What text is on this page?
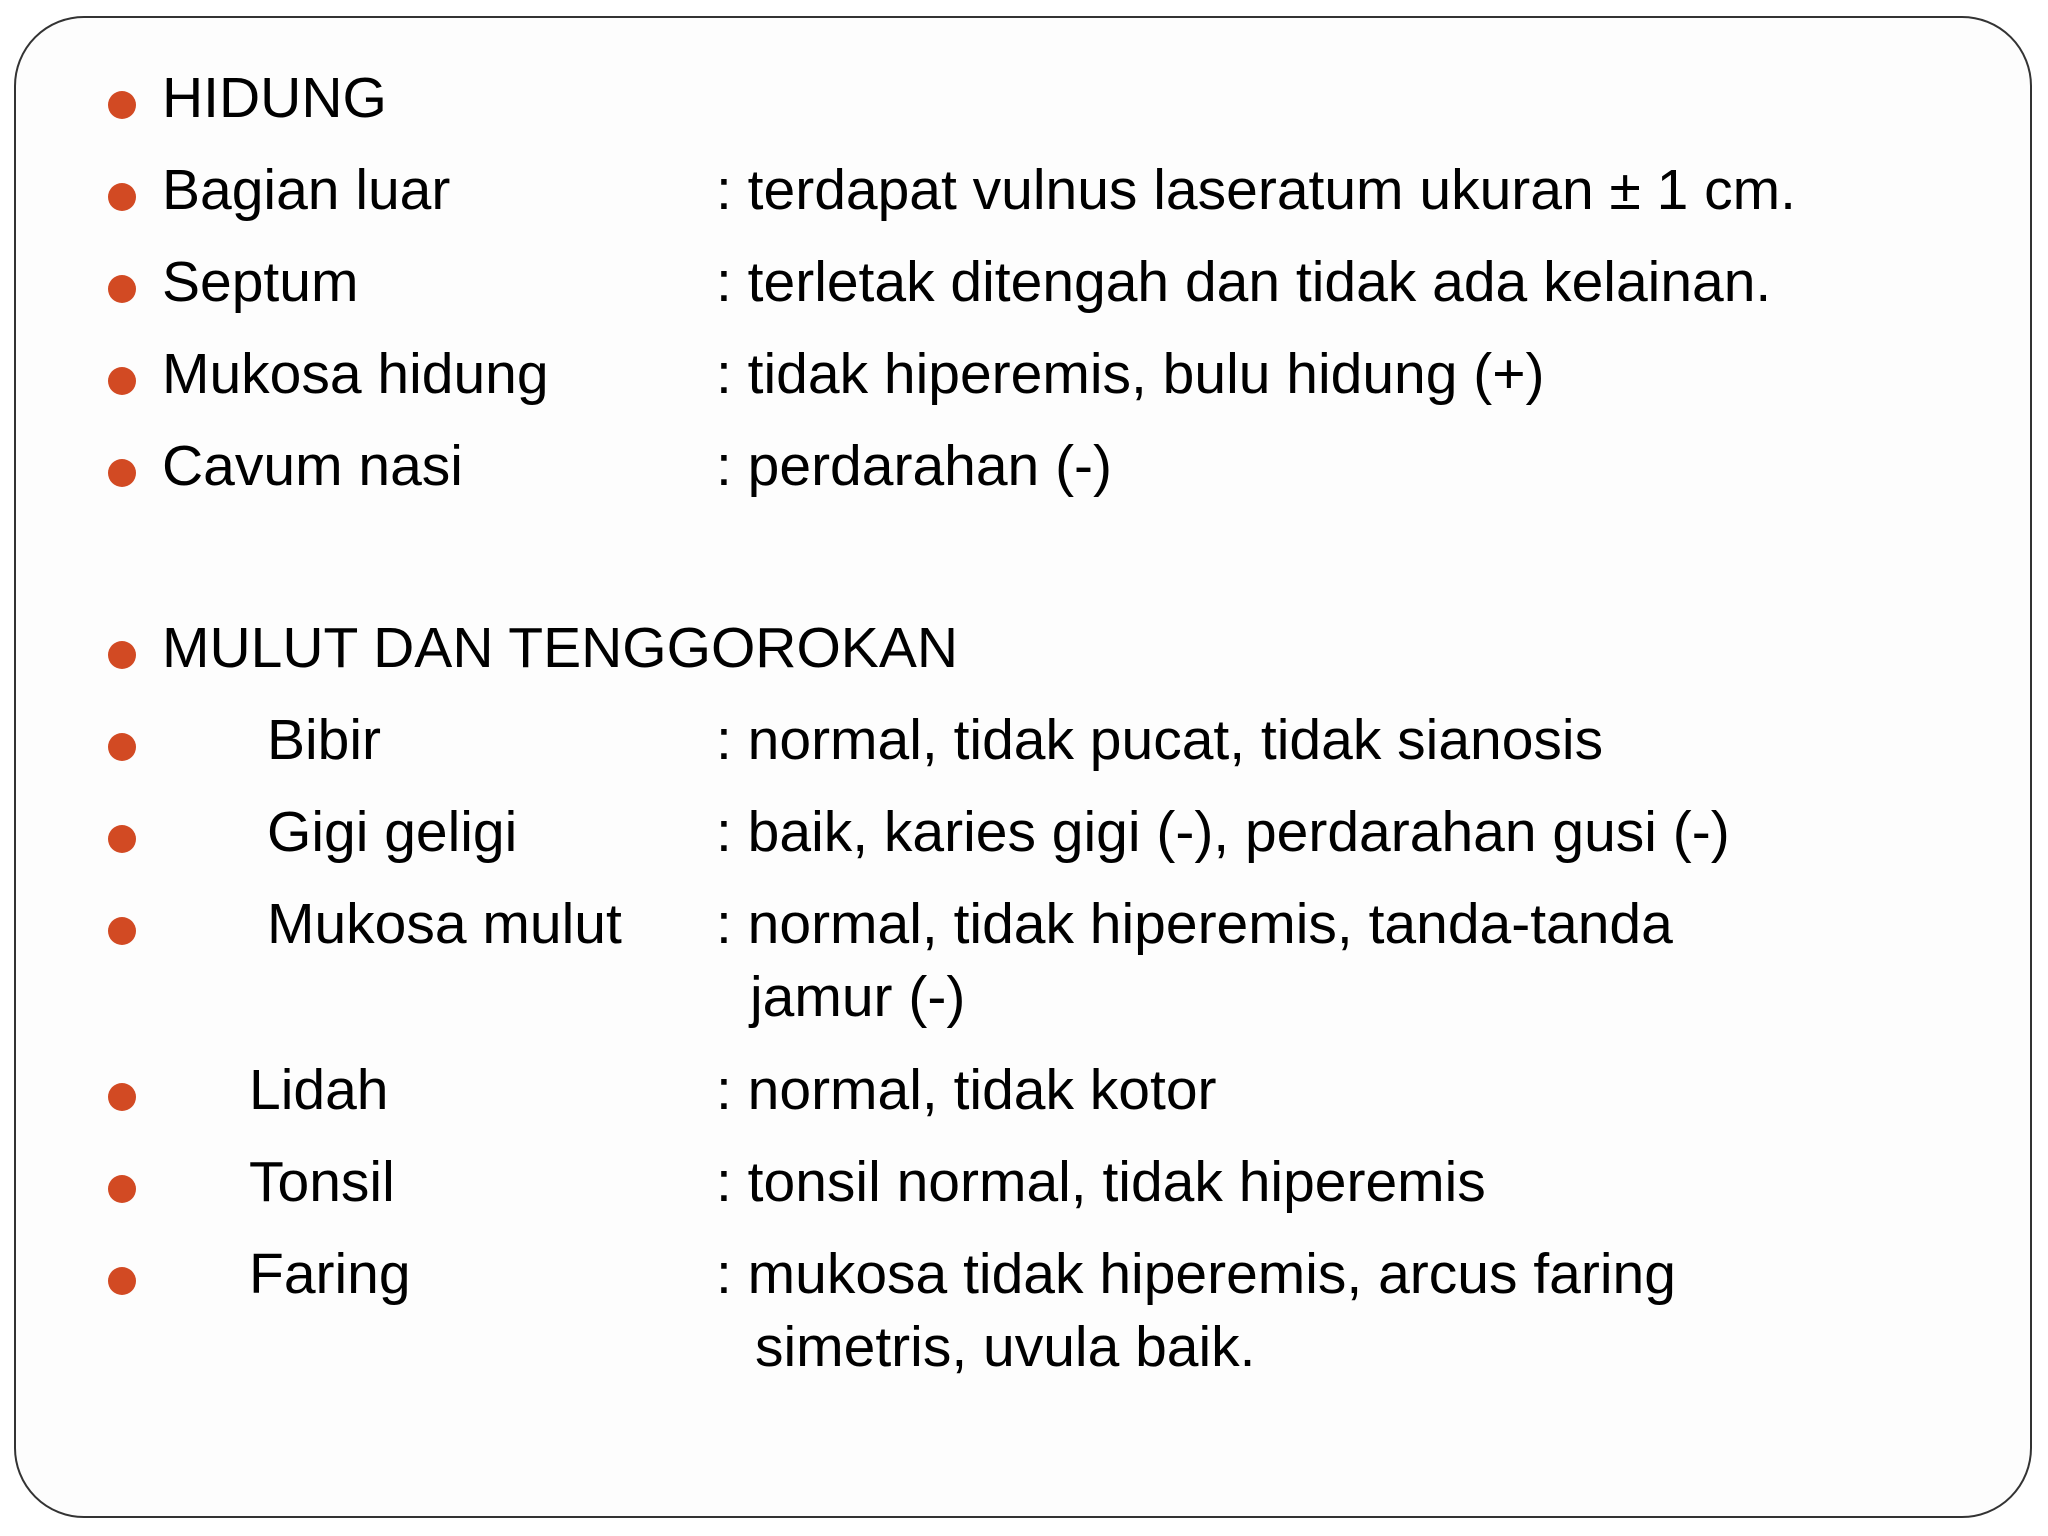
HIDUNG
Bagian luar	: terdapat vulnus laseratum ukuran ± 1 cm.
Septum	: terletak ditengah dan tidak ada kelainan.
Mukosa hidung	: tidak hiperemis, bulu hidung (+)
Cavum nasi	: perdarahan (-)
MULUT DAN TENGGOROKAN
Bibir	: normal, tidak pucat, tidak sianosis
Gigi geligi	: baik, karies gigi (-), perdarahan gusi (-)
Mukosa mulut : normal, tidak hiperemis, tanda-tanda
jamur (-)
Lidah	: normal, tidak kotor
Tonsil	: tonsil normal, tidak hiperemis
Faring	: mukosa tidak hiperemis, arcus faring
simetris, uvula baik.
